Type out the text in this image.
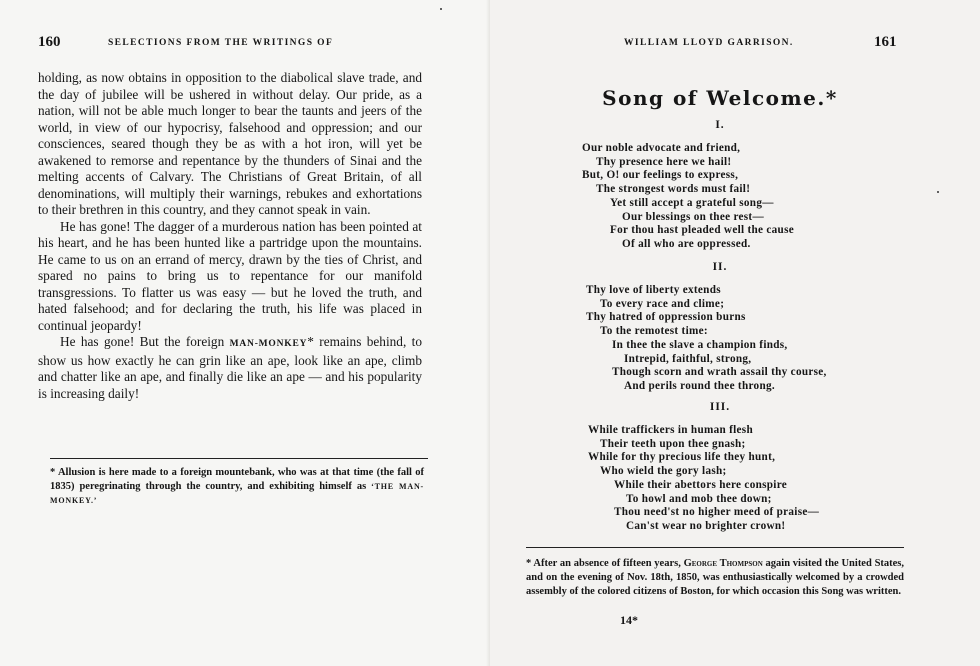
160	SELECTIONS FROM THE WRITINGS OF

holding, as now obtains in opposition to the diabolical slave trade, and the day of jubilee will be ushered in without delay. Our pride, as a nation, will not be able much longer to bear the taunts and jeers of the world, in view of our hypocrisy, falsehood and oppression; and our consciences, seared though they be as with a hot iron, will yet be awakened to remorse and repentance by the thunders of Sinai and the melting accents of Calvary. The Christians of Great Britain, of all denominations, will multiply their warnings, rebukes and exhortations to their brethren in this country, and they cannot speak in vain.

He has gone! The dagger of a murderous nation has been pointed at his heart, and he has been hunted like a partridge upon the mountains. He came to us on an errand of mercy, drawn by the ties of Christ, and spared no pains to bring us to repentance for our manifold transgressions. To flatter us was easy — but he loved the truth, and hated falsehood; and for declaring the truth, his life was placed in continual jeopardy!

He has gone! But the foreign MAN-MONKEY* remains behind, to show us how exactly he can grin like an ape, look like an ape, climb and chatter like an ape, and finally die like an ape — and his popularity is increasing daily!

* Allusion is here made to a foreign mountebank, who was at that time (the fall of 1835) peregrinating through the country, and exhibiting himself as ‘THE MAN-MONKEY.’
WILLIAM LLOYD GARRISON.	161
Song of Welcome.*
I.
Our noble advocate and friend,
Thy presence here we hail!
But, O! our feelings to express,
The strongest words must fail!
Yet still accept a grateful song—
Our blessings on thee rest—
For thou hast pleaded well the cause
Of all who are oppressed.
II.
Thy love of liberty extends
To every race and clime;
Thy hatred of oppression burns
To the remotest time:
In thee the slave a champion finds,
Intrepid, faithful, strong,
Though scorn and wrath assail thy course,
And perils round thee throng.
III.
While traffickers in human flesh
Their teeth upon thee gnash;
While for thy precious life they hunt,
Who wield the gory lash;
While their abettors here conspire
To howl and mob thee down;
Thou need'st no higher meed of praise—
Can'st wear no brighter crown!
* After an absence of fifteen years, George Thompson again visited the United States, and on the evening of Nov. 18th, 1850, was enthusiastically welcomed by a crowded assembly of the colored citizens of Boston, for which occasion this Song was written.
14*
